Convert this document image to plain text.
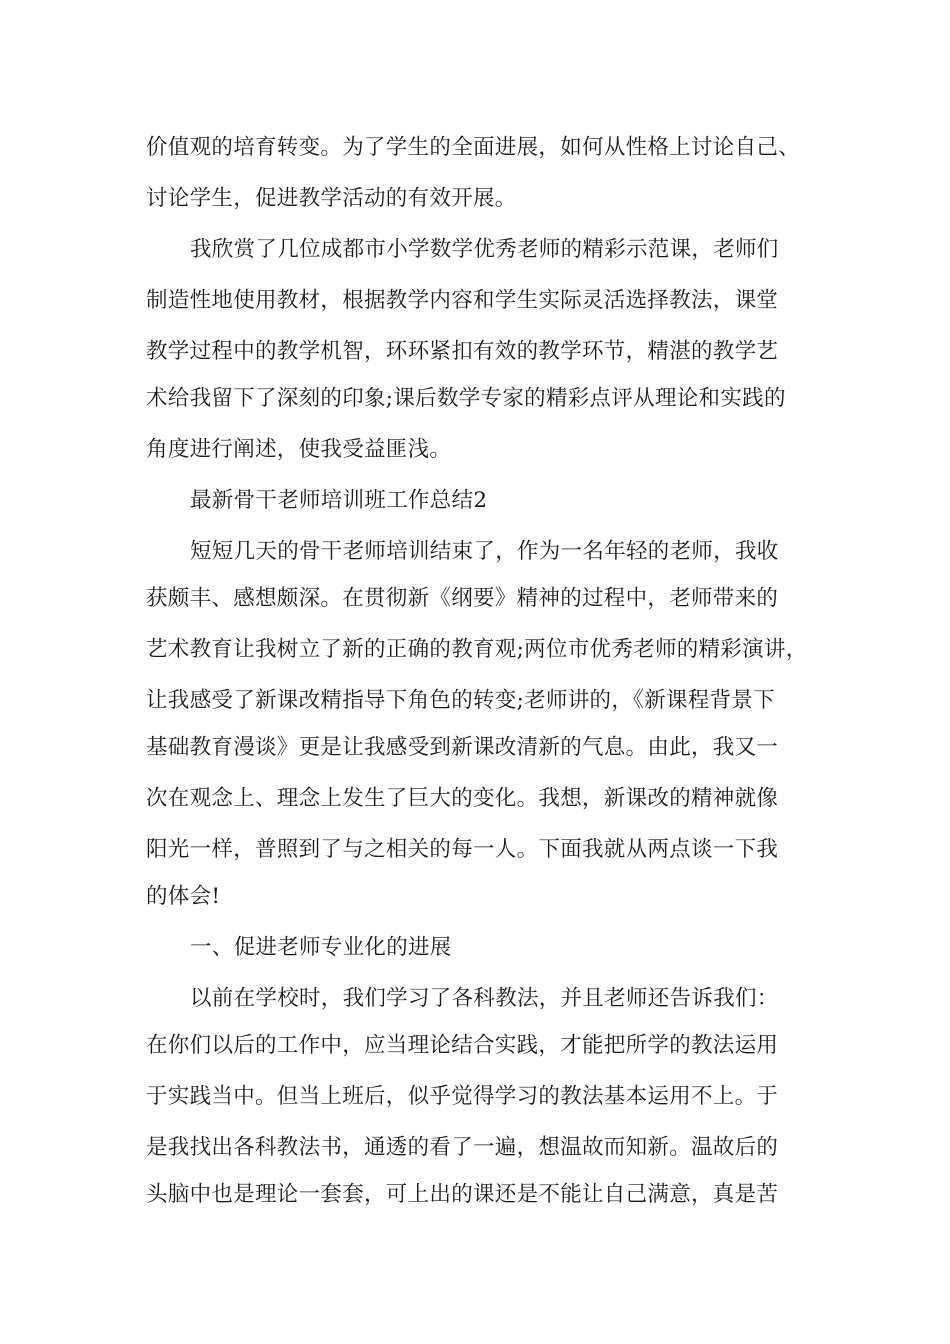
价值观的培育转变。为了学生的全面进展，如何从性格上讨论自己、
讨论学生，促进教学活动的有效开展。
我欣赏了几位成都市小学数学优秀老师的精彩示范课，老师们
制造性地使用教材，根据教学内容和学生实际灵活选择教法，课堂
教学过程中的教学机智，环环紧扣有效的教学环节，精湛的教学艺
术给我留下了深刻的印象;课后数学专家的精彩点评从理论和实践的
角度进行阐述，使我受益匪浅。
最新骨干老师培训班工作总结2
短短几天的骨干老师培训结束了，作为一名年轻的老师，我收
获颇丰、感想颇深。在贯彻新《纲要》精神的过程中，老师带来的
艺术教育让我树立了新的正确的教育观;两位市优秀老师的精彩演讲，
让我感受了新课改精指导下角色的转变;老师讲的，《新课程背景下
基础教育漫谈》更是让我感受到新课改清新的气息。由此，我又一
次在观念上、理念上发生了巨大的变化。我想，新课改的精神就像
阳光一样，普照到了与之相关的每一人。下面我就从两点谈一下我
的体会!
一、促进老师专业化的进展
以前在学校时，我们学习了各科教法，并且老师还告诉我们：
在你们以后的工作中，应当理论结合实践，才能把所学的教法运用
于实践当中。但当上班后，似乎觉得学习的教法基本运用不上。于
是我找出各科教法书，通透的看了一遍，想温故而知新。温故后的
头脑中也是理论一套套，可上出的课还是不能让自己满意，真是苦
